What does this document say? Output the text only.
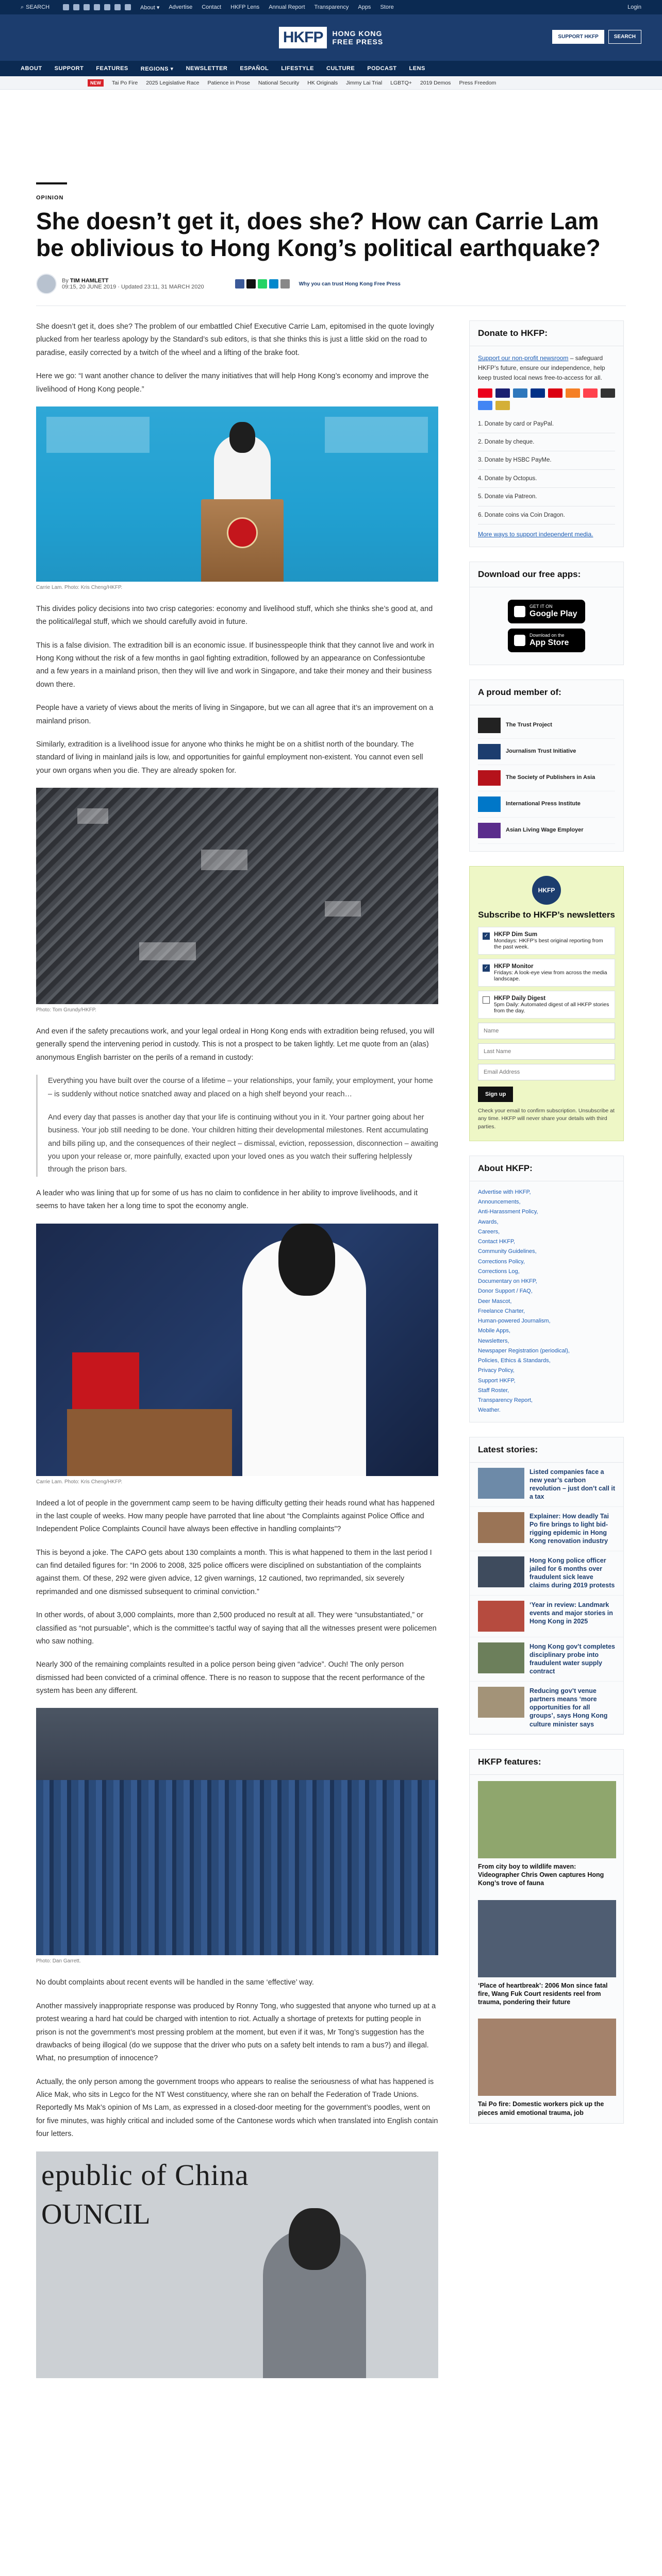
⌕ SEARCH	About ▾ Advertise Contact HKFP Lens Annual Report Transparency Apps Store	Login
HKFP	HONG KONG
FREE PRESS
SUPPORT HKFP	SEARCH
ABOUT SUPPORT FEATURES REGIONS ▾ NEWSLETTER ESPAÑOL LIFESTYLE CULTURE PODCAST LENS
NEW	Tai Po Fire 2025 Legislative Race Patience in Prose National Security HK Originals Jimmy Lai Trial LGBTQ+ 2019 Demos Press Freedom
OPINION
She doesn’t get it, does she? How can Carrie Lam be oblivious to Hong Kong’s political earthquake?
By TIM HAMLETT
09:15, 20 JUNE 2019 · Updated 23:11, 31 MARCH 2020	Why you can trust Hong Kong Free Press

She doesn’t get it, does she? The problem of our embattled Chief Executive Carrie Lam, epitomised in the quote lovingly plucked from her tearless apology by the Standard’s sub editors, is that she thinks this is just a little skid on the road to paradise, easily corrected by a twitch of the wheel and a lifting of the brake foot.

Here we go: “I want another chance to deliver the many initiatives that will help Hong Kong’s economy and improve the livelihood of Hong Kong people.”

Carrie Lam. Photo: Kris Cheng/HKFP.

This divides policy decisions into two crisp categories: economy and livelihood stuff, which she thinks she’s good at, and the political/legal stuff, which we should carefully avoid in future.

This is a false division. The extradition bill is an economic issue. If businesspeople think that they cannot live and work in Hong Kong without the risk of a few months in gaol fighting extradition, followed by an appearance on Confessiontube and a few years in a mainland prison, then they will live and work in Singapore, and take their money and their business down there.

People have a variety of views about the merits of living in Singapore, but we can all agree that it’s an improvement on a mainland prison.

Similarly, extradition is a livelihood issue for anyone who thinks he might be on a shitlist north of the boundary. The standard of living in mainland jails is low, and opportunities for gainful employment non-existent. You cannot even sell your own organs when you die. They are already spoken for.

Photo: Tom Grundy/HKFP.

And even if the safety precautions work, and your legal ordeal in Hong Kong ends with extradition being refused, you will generally spend the intervening period in custody. This is not a prospect to be taken lightly. Let me quote from an (alas) anonymous English barrister on the perils of a remand in custody:

Everything you have built over the course of a lifetime – your relationships, your family, your employment, your home – is suddenly without notice snatched away and placed on a high shelf beyond your reach…

And every day that passes is another day that your life is continuing without you in it. Your partner going about her business. Your job still needing to be done. Your children hitting their developmental milestones. Rent accumulating and bills piling up, and the consequences of their neglect – dismissal, eviction, repossession, disconnection – awaiting you upon your release or, more painfully, exacted upon your loved ones as you watch their suffering helplessly through the prison bars.

A leader who was lining that up for some of us has no claim to confidence in her ability to improve livelihoods, and it seems to have taken her a long time to spot the economy angle.

Carrie Lam. Photo: Kris Cheng/HKFP.

Indeed a lot of people in the government camp seem to be having difficulty getting their heads round what has happened in the last couple of weeks. How many people have parroted that line about “the Complaints against Police Office and Independent Police Complaints Council have always been effective in handling complaints”?

This is beyond a joke. The CAPO gets about 130 complaints a month. This is what happened to them in the last period I can find detailed figures for: “In 2006 to 2008, 325 police officers were disciplined on substantiation of the complaints against them. Of these, 292 were given advice, 12 given warnings, 12 cautioned, two reprimanded, six severely reprimanded and one dismissed subsequent to criminal conviction.”

In other words, of about 3,000 complaints, more than 2,500 produced no result at all. They were “unsubstantiated,” or classified as “not pursuable”, which is the committee’s tactful way of saying that all the witnesses present were policemen who saw nothing.

Nearly 300 of the remaining complaints resulted in a police person being given “advice”. Ouch! The only person dismissed had been convicted of a criminal offence. There is no reason to suppose that the recent performance of the system has been any different.

Photo: Dan Garrett.

No doubt complaints about recent events will be handled in the same ‘effective’ way.

Another massively inappropriate response was produced by Ronny Tong, who suggested that anyone who turned up at a protest wearing a hard hat could be charged with intention to riot. Actually a shortage of pretexts for putting people in prison is not the government’s most pressing problem at the moment, but even if it was, Mr Tong’s suggestion has the drawbacks of being illogical (do we suppose that the driver who puts on a safety belt intends to ram a bus?) and illegal. What, no presumption of innocence?

Actually, the only person among the government troops who appears to realise the seriousness of what has happened is Alice Mak, who sits in Legco for the NT West constituency, where she ran on behalf the Federation of Trade Unions. Reportedly Ms Mak’s opinion of Ms Lam, as expressed in a closed-door meeting for the government’s poodles, went on for five minutes, was highly critical and included some of the Cantonese words which when translated into English contain four letters.

epublic of China
OUNCIL
Donate to HKFP:
Support our non-profit newsroom – safeguard HKFP’s future, ensure our independence, help keep trusted local news free-to-access for all.
1. Donate by card or PayPal.
2. Donate by cheque.
3. Donate by HSBC PayMe.
4. Donate by Octopus.
5. Donate via Patreon.
6. Donate coins via Coin Dragon.
More ways to support independent media.
Download our free apps:
GET IT ON
Google Play
Download on the
App Store
A proud member of:
The Trust Project
Journalism Trust Initiative
The Society of Publishers in Asia
International Press Institute
Asian Living Wage Employer
HKFP
Subscribe to HKFP’s newsletters
✓ HKFP Dim Sum
Mondays: HKFP’s best original reporting from the past week.
✓ HKFP Monitor
Fridays: A look-eye view from across the media landscape.
HKFP Daily Digest
5pm Daily: Automated digest of all HKFP stories from the day.
Name Last Name Email Address Sign up
Check your email to confirm subscription. Unsubscribe at any time. HKFP will never share your details with third parties.
About HKFP:
Advertise with HKFP,
Announcements,
Anti-Harassment Policy,
Awards,
Careers,
Contact HKFP,
Community Guidelines,
Corrections Policy,
Corrections Log,
Documentary on HKFP,
Donor Support / FAQ,
Deer Mascot,
Freelance Charter,
Human-powered Journalism,
Mobile Apps,
Newsletters,
Newspaper Registration (periodical),
Policies, Ethics & Standards,
Privacy Policy,
Support HKFP,
Staff Roster,
Transparency Report,
Weather.
Latest stories:
Listed companies face a new year’s carbon revolution – just don’t call it a tax
Explainer: How deadly Tai Po fire brings to light bid-rigging epidemic in Hong Kong renovation industry
Hong Kong police officer jailed for 6 months over fraudulent sick leave claims during 2019 protests
‘Year in review: Landmark events and major stories in Hong Kong in 2025
Hong Kong gov’t completes disciplinary probe into fraudulent water supply contract
Reducing gov’t venue partners means ‘more opportunities for all groups’, says Hong Kong culture minister says
HKFP features:
From city boy to wildlife maven: Videographer Chris Owen captures Hong Kong’s trove of fauna
‘Place of heartbreak’: 2006 Mon since fatal fire, Wang Fuk Court residents reel from trauma, pondering their future
Tai Po fire: Domestic workers pick up the pieces amid emotional trauma, job
